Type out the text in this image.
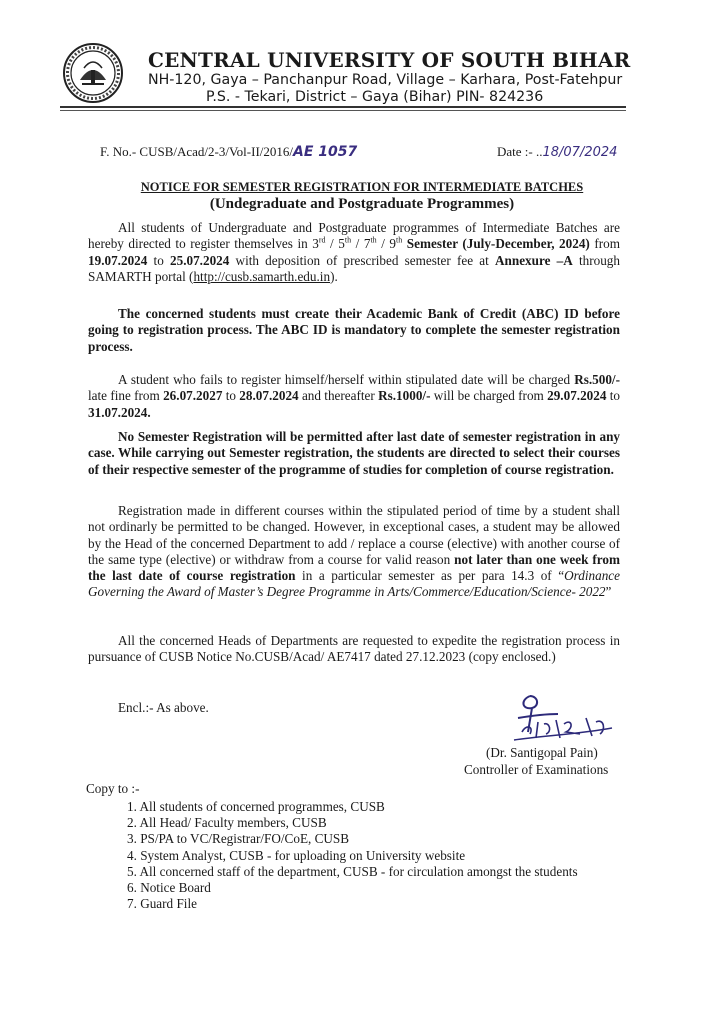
CENTRAL UNIVERSITY OF SOUTH BIHAR
NH-120, Gaya – Panchanpur Road, Village – Karhara, Post-Fatehpur
P.S. - Tekari, District – Gaya (Bihar) PIN- 824236
F. No.- CUSB/Acad/2-3/Vol-II/2016/AE 1057	Date :- ..18/07/2024
NOTICE FOR SEMESTER REGISTRATION FOR INTERMEDIATE BATCHES
(Undegraduate and Postgraduate Programmes)
All students of Undergraduate and Postgraduate programmes of Intermediate Batches are hereby directed to register themselves in 3rd / 5th / 7th / 9th Semester (July-December, 2024) from 19.07.2024 to 25.07.2024 with deposition of prescribed semester fee at Annexure –A through SAMARTH portal (http://cusb.samarth.edu.in).
The concerned students must create their Academic Bank of Credit (ABC) ID before going to registration process. The ABC ID is mandatory to complete the semester registration process.
A student who fails to register himself/herself within stipulated date will be charged Rs.500/- late fine from 26.07.2027 to 28.07.2024 and thereafter Rs.1000/- will be charged from 29.07.2024 to 31.07.2024.
No Semester Registration will be permitted after last date of semester registration in any case. While carrying out Semester registration, the students are directed to select their courses of their respective semester of the programme of studies for completion of course registration.
Registration made in different courses within the stipulated period of time by a student shall not ordinarly be permitted to be changed. However, in exceptional cases, a student may be allowed by the Head of the concerned Department to add / replace a course (elective) with another course of the same type (elective) or withdraw from a course for valid reason not later than one week from the last date of course registration in a particular semester as per para 14.3 of “Ordinance Governing the Award of Master’s Degree Programme in Arts/Commerce/Education/Science- 2022”
All the concerned Heads of Departments are requested to expedite the registration process in pursuance of CUSB Notice No.CUSB/Acad/ AE7417 dated 27.12.2023 (copy enclosed.)
Encl.:- As above.
(Dr. Santigopal Pain)
Controller of Examinations
Copy to :-
1. All students of concerned programmes, CUSB
2. All Head/ Faculty members, CUSB
3. PS/PA to VC/Registrar/FO/CoE, CUSB
4. System Analyst, CUSB - for uploading on University website
5. All concerned staff of the department, CUSB - for circulation amongst the students
6. Notice Board
7. Guard File
